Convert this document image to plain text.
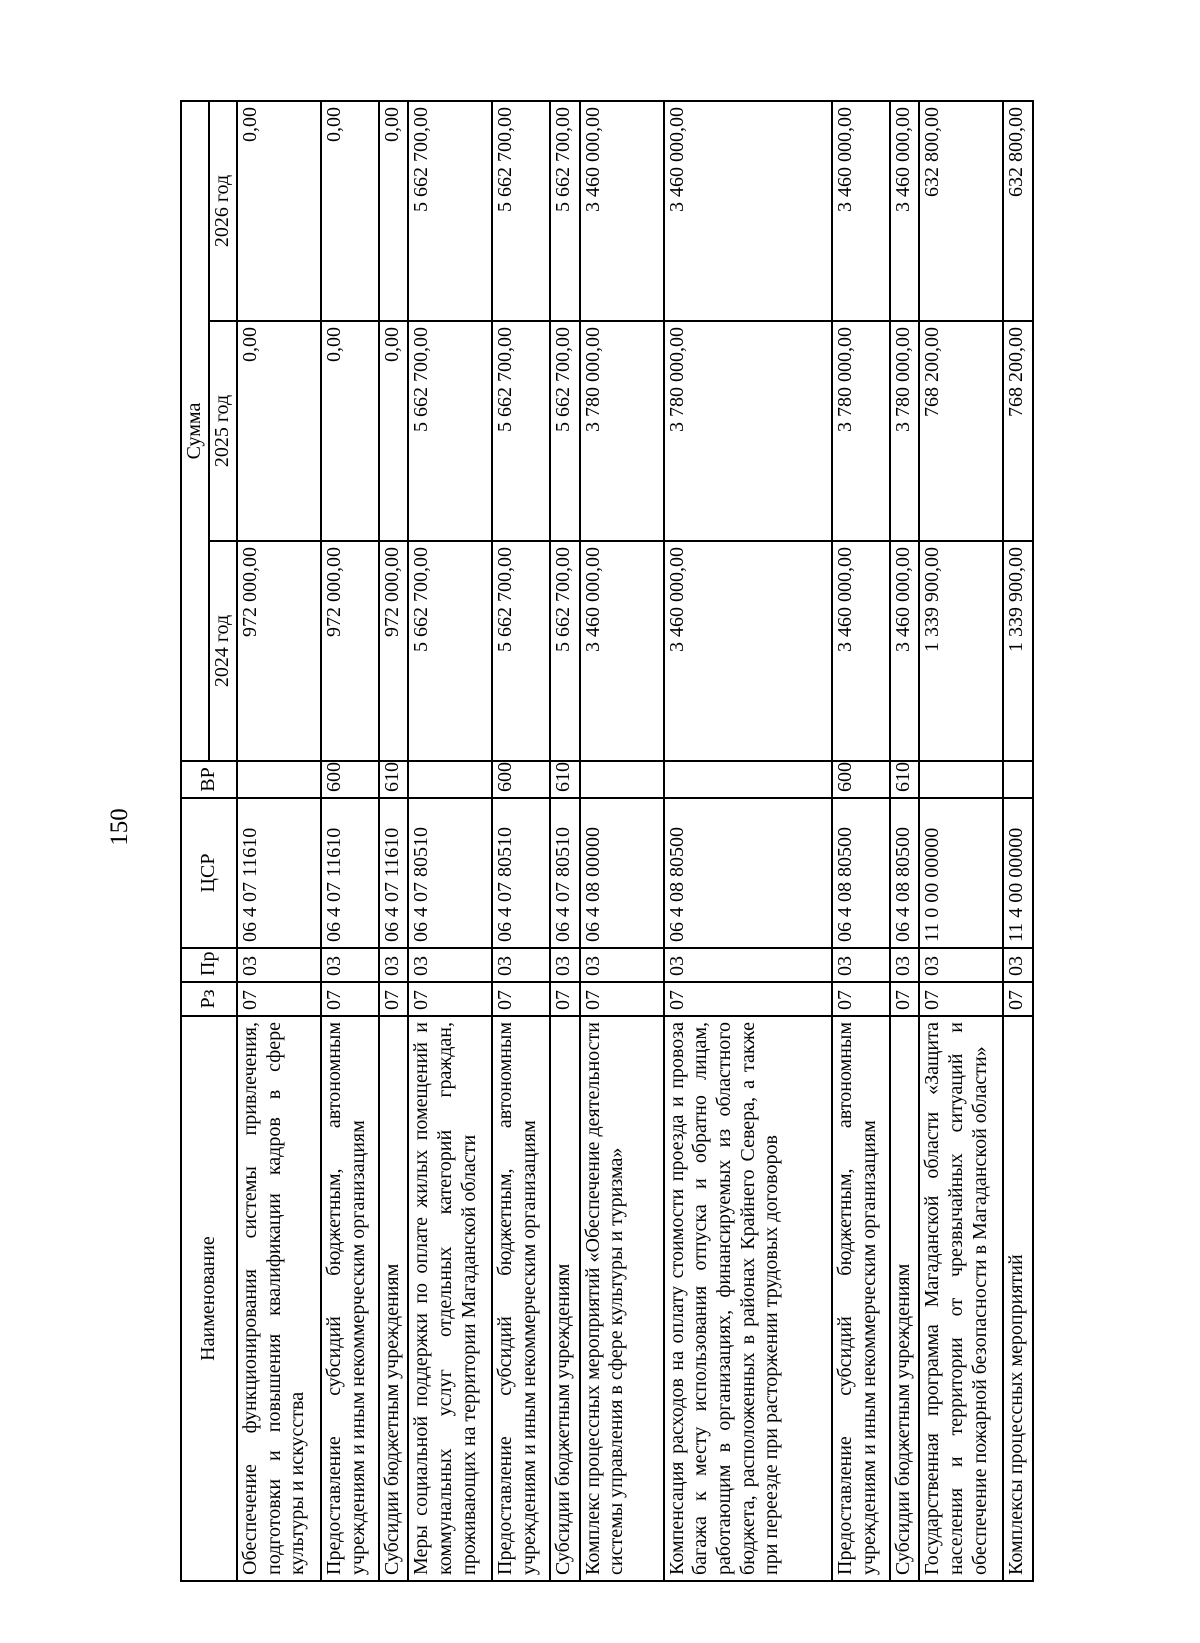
150
Наименование	Рз	Пр	ЦСР	ВР	Сумма		
					2024 год	2025 год	2026 год
Обеспечение функционирования системы привлечения, подготовки и повышения квалификации кадров в сфере культуры и искусства	07	03	06 4 07 11610		972 000,00	0,00	0,00
Предоставление субсидий бюджетным, автономным учреждениям и иным некоммерческим организациям	07	03	06 4 07 11610	600	972 000,00	0,00	0,00
Субсидии бюджетным учреждениям	07	03	06 4 07 11610	610	972 000,00	0,00	0,00
Меры социальной поддержки по оплате жилых помещений и коммунальных услуг отдельных категорий граждан, проживающих на территории Магаданской области	07	03	06 4 07 80510		5 662 700,00	5 662 700,00	5 662 700,00
Предоставление субсидий бюджетным, автономным учреждениям и иным некоммерческим организациям	07	03	06 4 07 80510	600	5 662 700,00	5 662 700,00	5 662 700,00
Субсидии бюджетным учреждениям	07	03	06 4 07 80510	610	5 662 700,00	5 662 700,00	5 662 700,00
Комплекс процессных мероприятий «Обеспечение деятельности системы управления в сфере культуры и туризма»	07	03	06 4 08 00000		3 460 000,00	3 780 000,00	3 460 000,00
Компенсация расходов на оплату стоимости проезда и провоза багажа к месту использования отпуска и обратно лицам, работающим в организациях, финансируемых из областного бюджета, расположенных в районах Крайнего Севера, а также при переезде при расторжении трудовых договоров	07	03	06 4 08 80500		3 460 000,00	3 780 000,00	3 460 000,00
Предоставление субсидий бюджетным, автономным учреждениям и иным некоммерческим организациям	07	03	06 4 08 80500	600	3 460 000,00	3 780 000,00	3 460 000,00
Субсидии бюджетным учреждениям	07	03	06 4 08 80500	610	3 460 000,00	3 780 000,00	3 460 000,00
Государственная программа Магаданской области «Защита населения и территории от чрезвычайных ситуаций и обеспечение пожарной безопасности в Магаданской области»	07	03	11 0 00 00000		1 339 900,00	768 200,00	632 800,00
Комплексы процессных мероприятий	07	03	11 4 00 00000		1 339 900,00	768 200,00	632 800,00
